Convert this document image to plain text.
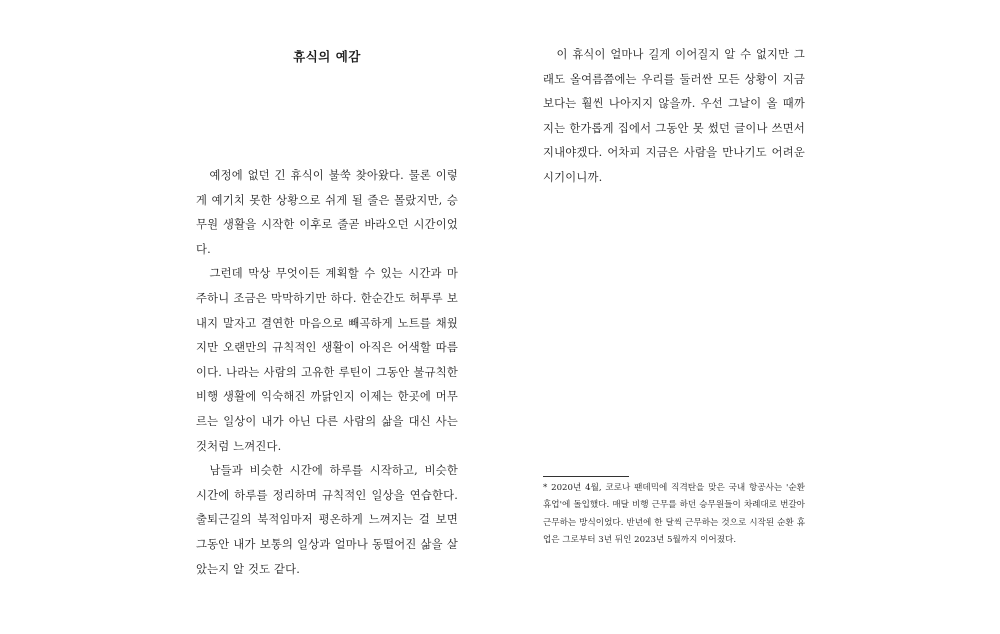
휴식의 예감

예정에 없던 긴 휴식이 불쑥 찾아왔다. 물론 이렇게 예기치 못한 상황으로 쉬게 될 줄은 몰랐지만, 승무원 생활을 시작한 이후로 줄곧 바라오던 시간이었다.

그런데 막상 무엇이든 계획할 수 있는 시간과 마주하니 조금은 막막하기만 하다. 한순간도 허투루 보내지 말자고 결연한 마음으로 빼곡하게 노트를 채웠지만 오랜만의 규칙적인 생활이 아직은 어색할 따름이다. 나라는 사람의 고유한 루틴이 그동안 불규칙한 비행 생활에 익숙해진 까닭인지 이제는 한곳에 머무르는 일상이 내가 아닌 다른 사람의 삶을 대신 사는 것처럼 느껴진다.

남들과 비슷한 시간에 하루를 시작하고, 비슷한 시간에 하루를 정리하며 규칙적인 일상을 연습한다. 출퇴근길의 북적임마저 평온하게 느껴지는 걸 보면 그동안 내가 보통의 일상과 얼마나 동떨어진 삶을 살았는지 알 것도 같다.

이 휴식이 얼마나 길게 이어질지 알 수 없지만 그래도 올여름쯤에는 우리를 둘러싼 모든 상황이 지금보다는 훨씬 나아지지 않을까. 우선 그날이 올 때까지는 한가롭게 집에서 그동안 못 썼던 글이나 쓰면서 지내야겠다. 어차피 지금은 사람을 만나기도 어려운 시기이니까.

* 2020년 4월, 코로나 팬데믹에 직격탄을 맞은 국내 항공사는 '순환 휴업'에 돌입했다. 매달 비행 근무를 하던 승무원들이 차례대로 번갈아 근무하는 방식이었다. 반년에 한 달씩 근무하는 것으로 시작된 순환 휴업은 그로부터 3년 뒤인 2023년 5월까지 이어졌다.
